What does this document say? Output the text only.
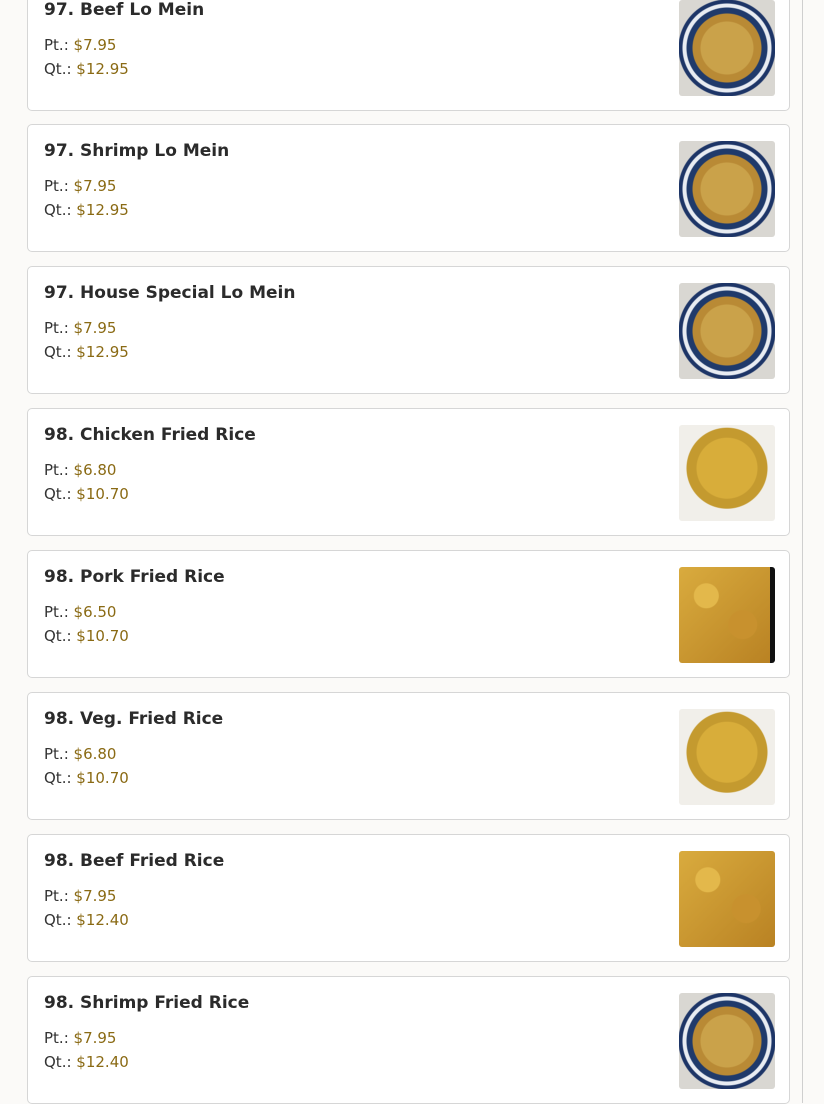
97. Beef Lo Mein
Pt.: $7.95
Qt.: $12.95
97. Shrimp Lo Mein
Pt.: $7.95
Qt.: $12.95
97. House Special Lo Mein
Pt.: $7.95
Qt.: $12.95
98. Chicken Fried Rice
Pt.: $6.80
Qt.: $10.70
98. Pork Fried Rice
Pt.: $6.50
Qt.: $10.70
98. Veg. Fried Rice
Pt.: $6.80
Qt.: $10.70
98. Beef Fried Rice
Pt.: $7.95
Qt.: $12.40
98. Shrimp Fried Rice
Pt.: $7.95
Qt.: $12.40
